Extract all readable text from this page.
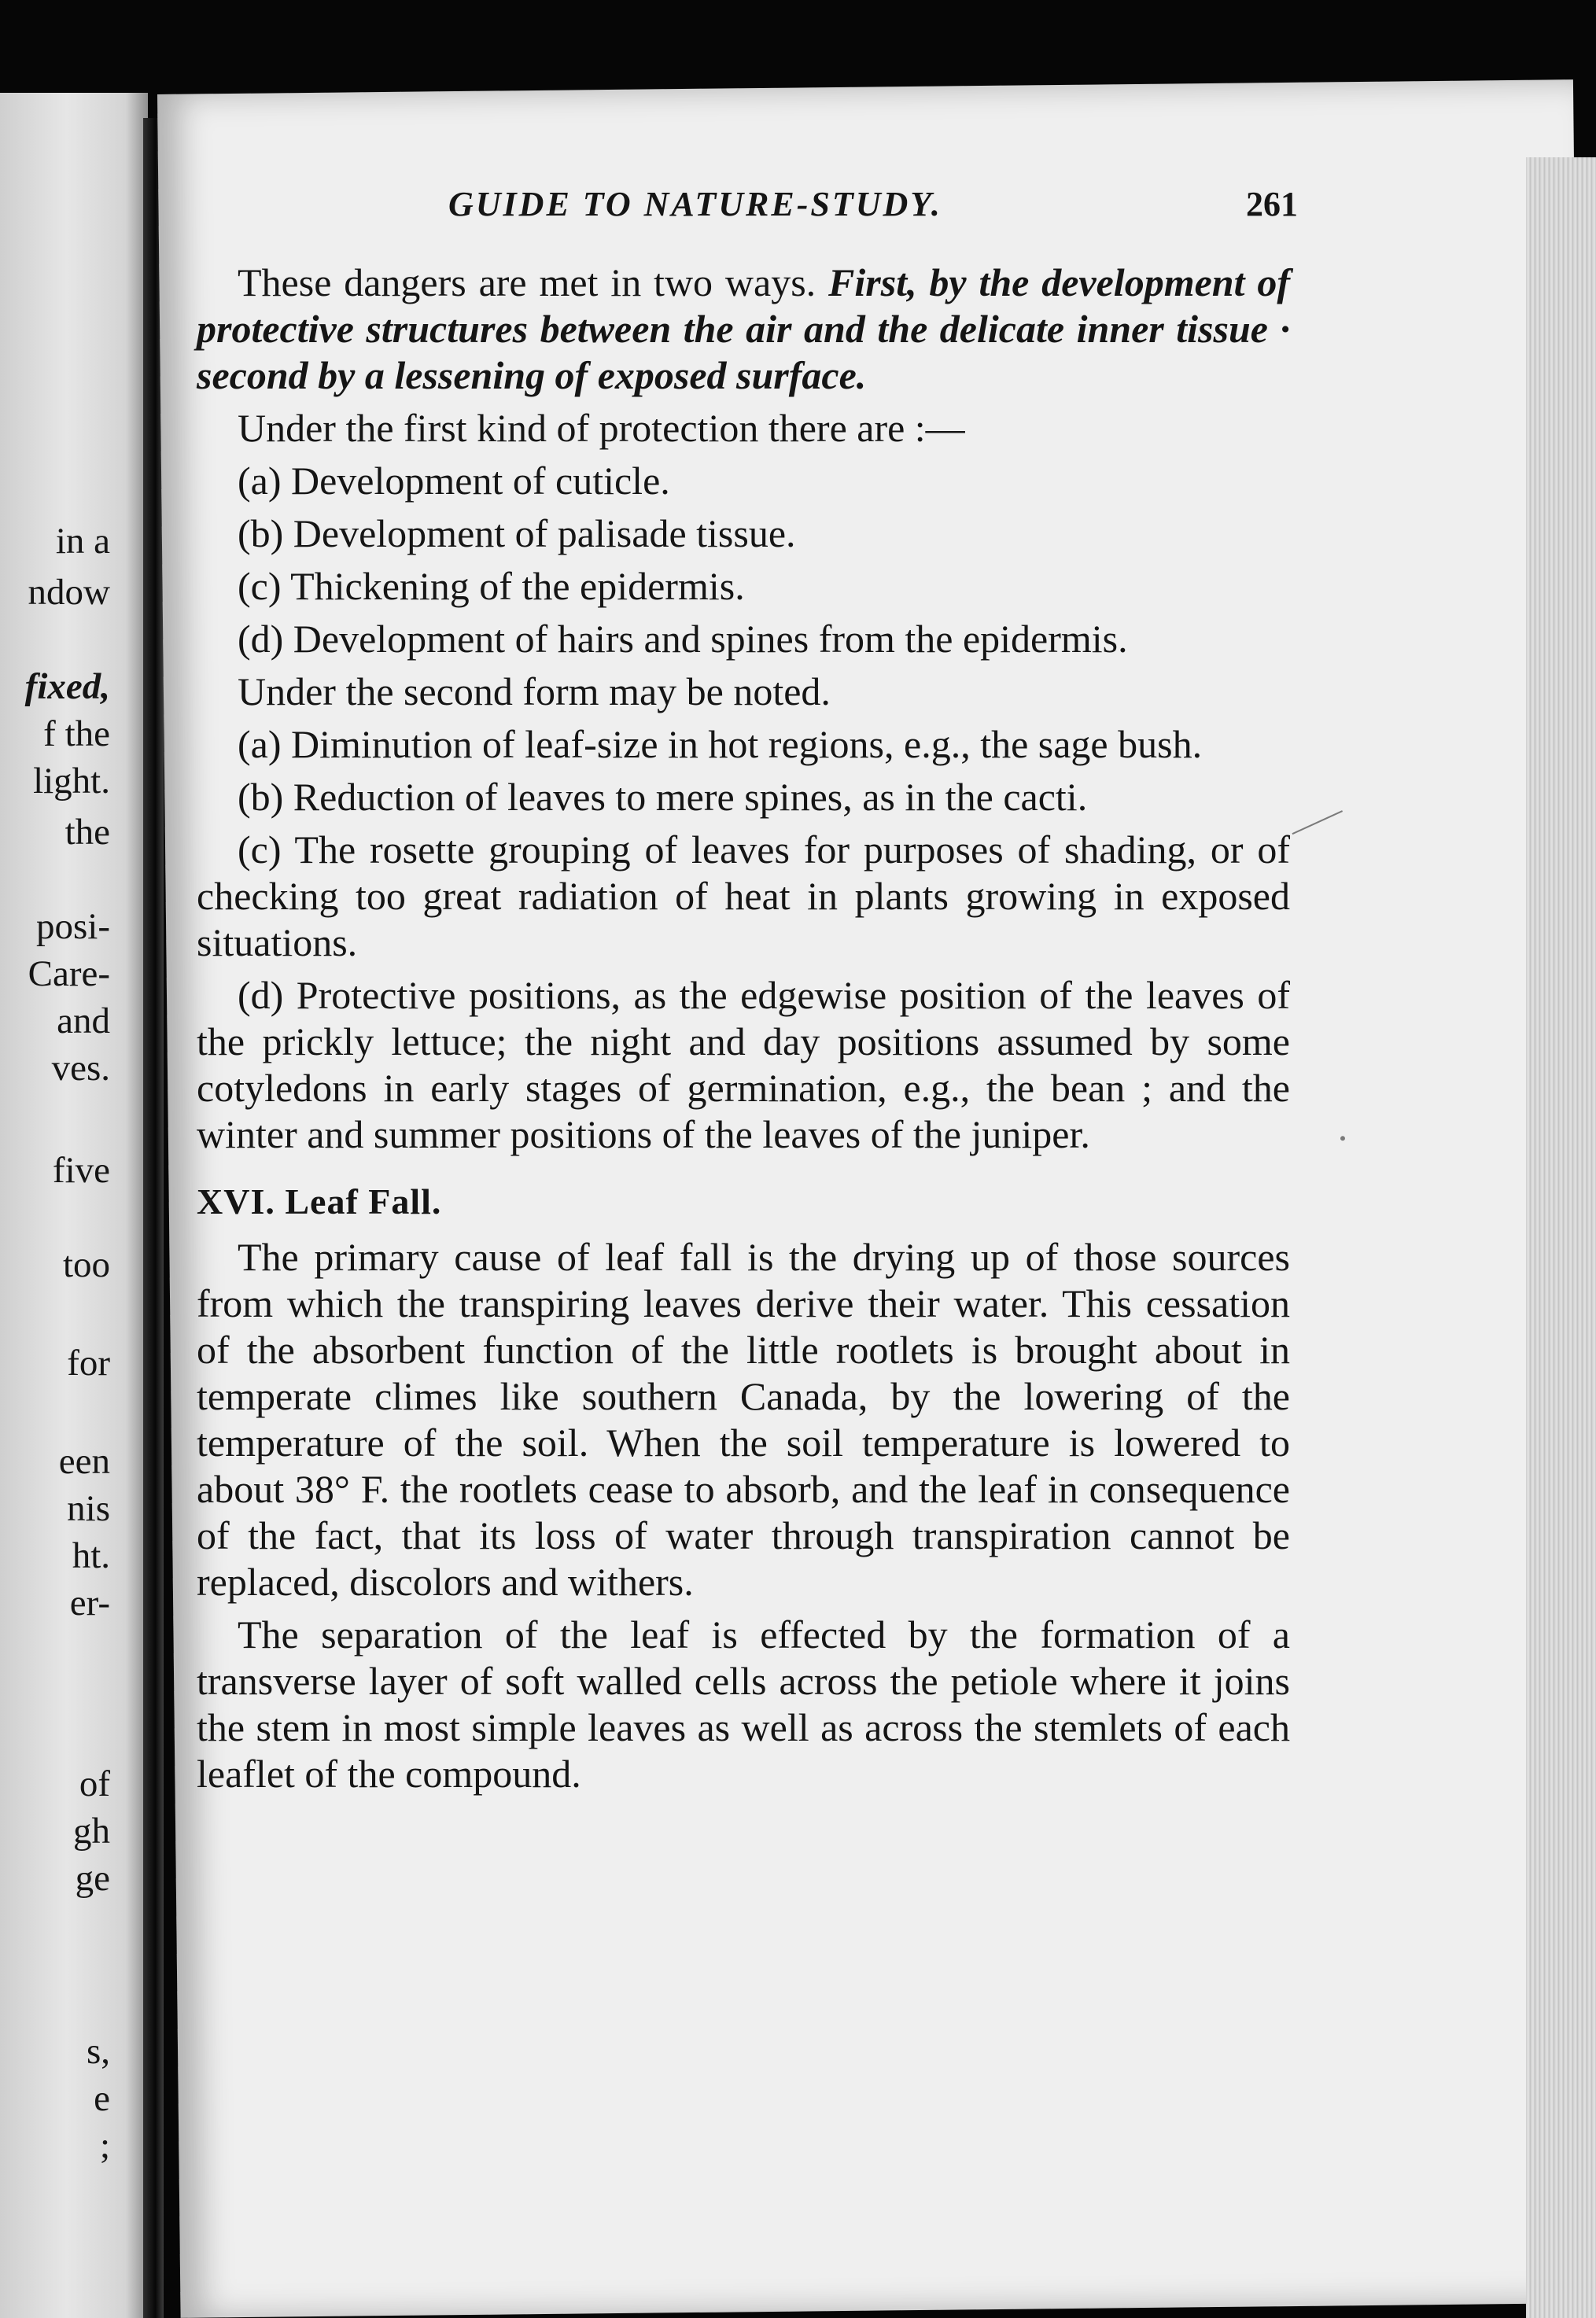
in a
ndow
fixed,
f the
light.
the
posi-
Care-
and
ves.
five
too
for
een
nis
ht.
er-
of
gh
ge
s,
e
;
GUIDE TO NATURE-STUDY.	261

These dangers are met in two ways. First, by the development of protective structures between the air and the delicate inner tissue · second by a lessening of exposed surface.

Under the first kind of protection there are :—

(a) Development of cuticle.

(b) Development of palisade tissue.

(c) Thickening of the epidermis.

(d) Development of hairs and spines from the epidermis.

Under the second form may be noted.

(a) Diminution of leaf-size in hot regions, e.g., the sage bush.

(b) Reduction of leaves to mere spines, as in the cacti.

(c) The rosette grouping of leaves for purposes of shading, or of checking too great radiation of heat in plants growing in exposed situations.

(d) Protective positions, as the edgewise position of the leaves of the prickly lettuce; the night and day positions assumed by some cotyledons in early stages of germination, e.g., the bean ; and the winter and summer positions of the leaves of the juniper.

XVI. Leaf Fall.

The primary cause of leaf fall is the drying up of those sources from which the transpiring leaves derive their water. This cessation of the absorbent function of the little rootlets is brought about in temperate climes like southern Canada, by the lowering of the temperature of the soil. When the soil temperature is lowered to about 38° F. the rootlets cease to absorb, and the leaf in consequence of the fact, that its loss of water through transpiration cannot be replaced, discolors and withers.

The separation of the leaf is effected by the formation of a transverse layer of soft walled cells across the petiole where it joins the stem in most simple leaves as well as across the stemlets of each leaflet of the compound.
